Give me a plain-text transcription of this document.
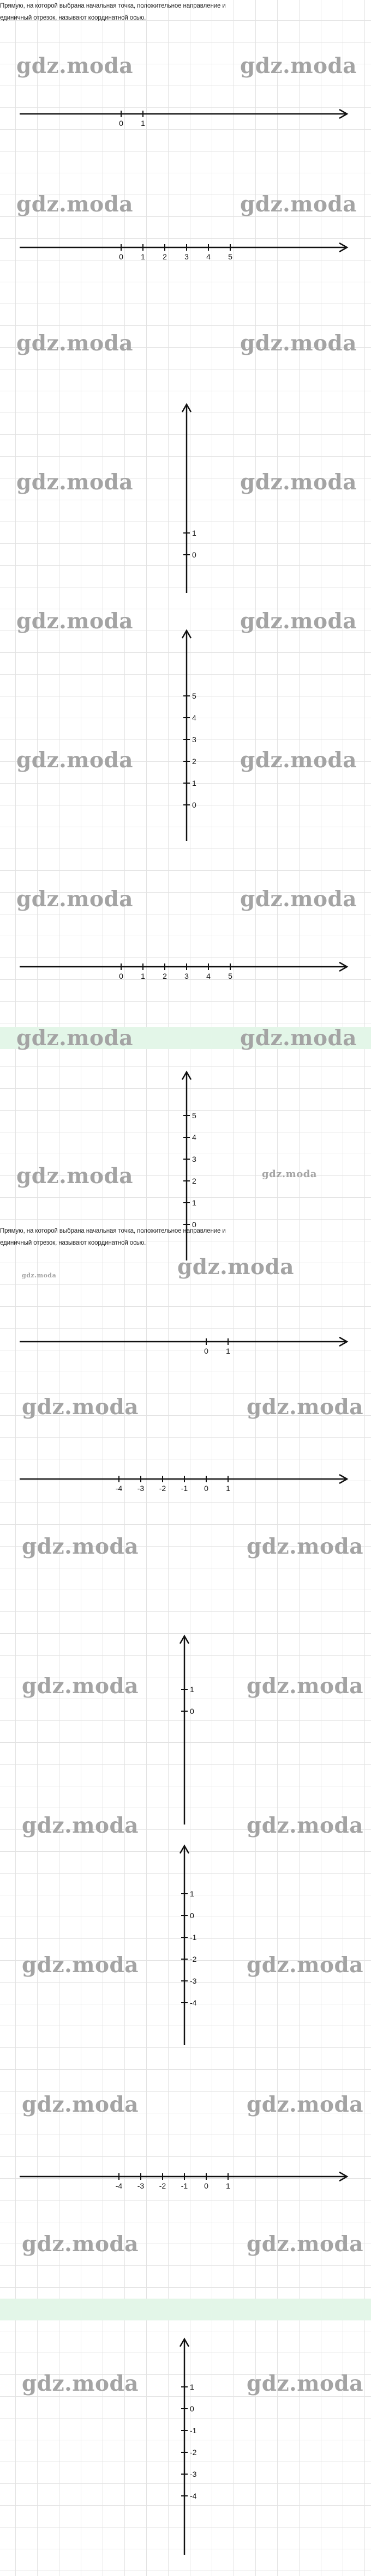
Прямую, на которой выбрана начальная точка, положительное направление и
единичный отрезок, называют координатной осью.
gdz.moda	gdz.moda
0 1
gdz.moda	gdz.moda
0 1 2 3 4 5
gdz.moda	gdz.moda
1
0
gdz.moda	gdz.moda
gdz.moda	gdz.moda
5
4
3
2
1
0
gdz.moda	gdz.moda
gdz.moda	gdz.moda
0 1 2 3 4 5
gdz.moda	gdz.moda
5
4
3
2
1
0
gdz.moda	gdz.moda
Прямую, на которой выбрана начальная точка, положительное направление и
единичный отрезок, называют координатной осью.
gdz.moda	gdz.moda
0 1
gdz.moda	gdz.moda
-4 -3 -2 -1 0 1
gdz.moda	gdz.moda
1
0
gdz.moda	gdz.moda
gdz.moda	gdz.moda
1
0
-1
-2
-3
-4
gdz.moda	gdz.moda
gdz.moda	gdz.moda
-4 -3 -2 -1 0 1
gdz.moda	gdz.moda
1
0
-1
-2
-3
-4
gdz.moda	gdz.moda
